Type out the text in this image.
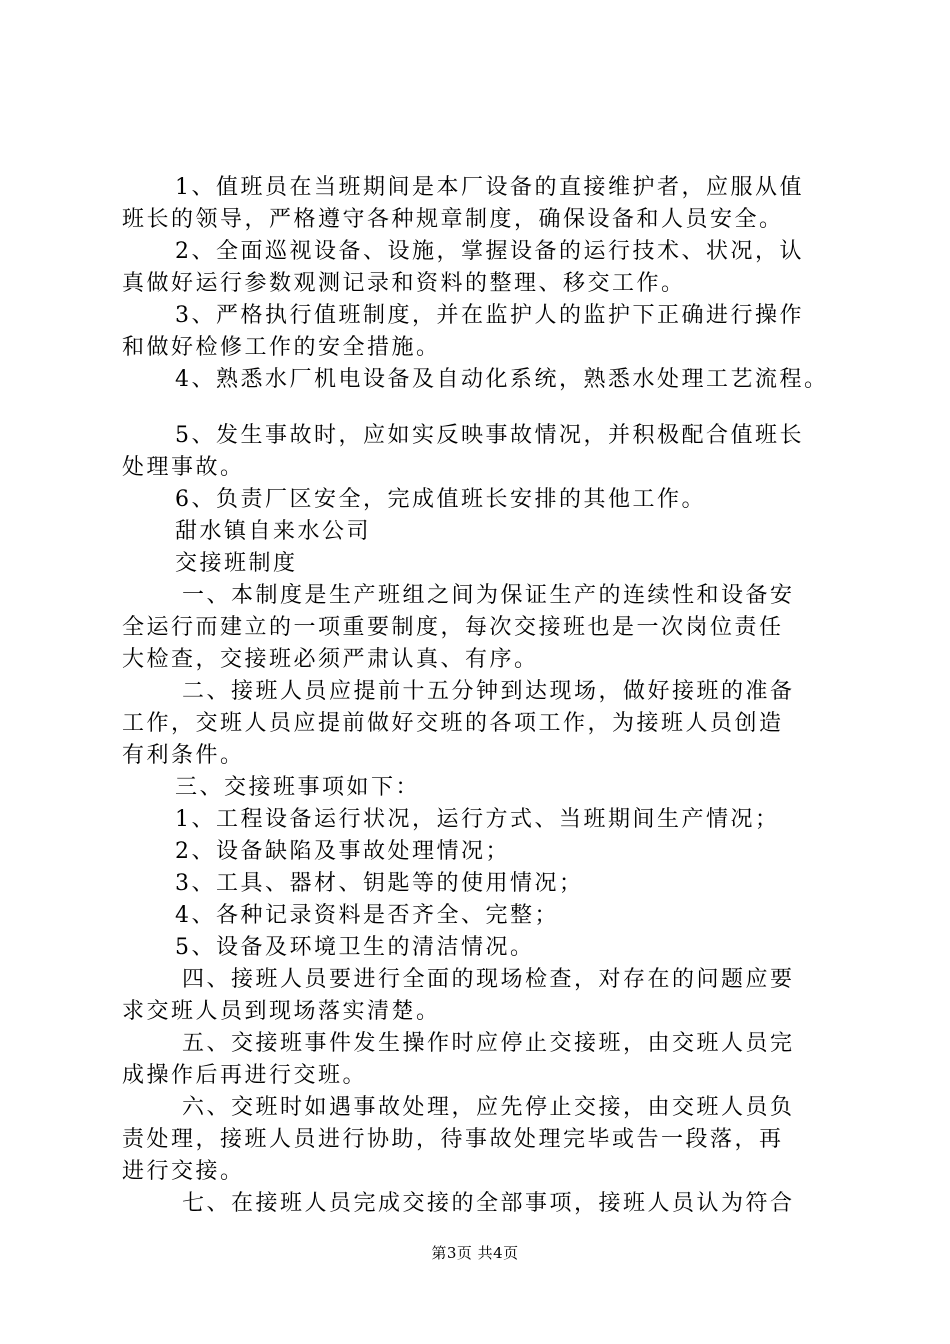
1、值班员在当班期间是本厂设备的直接维护者，应服从值
班长的领导，严格遵守各种规章制度，确保设备和人员安全。
2、全面巡视设备、设施，掌握设备的运行技术、状况，认
真做好运行参数观测记录和资料的整理、移交工作。
3、严格执行值班制度，并在监护人的监护下正确进行操作
和做好检修工作的安全措施。
4、熟悉水厂机电设备及自动化系统，熟悉水处理工艺流程。
5、发生事故时，应如实反映事故情况，并积极配合值班长
处理事故。
6、负责厂区安全，完成值班长安排的其他工作。
甜水镇自来水公司
交接班制度
一、本制度是生产班组之间为保证生产的连续性和设备安
全运行而建立的一项重要制度，每次交接班也是一次岗位责任
大检查，交接班必须严肃认真、有序。
二、接班人员应提前十五分钟到达现场，做好接班的准备
工作，交班人员应提前做好交班的各项工作，为接班人员创造
有利条件。
三、交接班事项如下：
1、工程设备运行状况，运行方式、当班期间生产情况；
2、设备缺陷及事故处理情况；
3、工具、器材、钥匙等的使用情况；
4、各种记录资料是否齐全、完整；
5、设备及环境卫生的清洁情况。
四、接班人员要进行全面的现场检查，对存在的问题应要
求交班人员到现场落实清楚。
五、交接班事件发生操作时应停止交接班，由交班人员完
成操作后再进行交班。
六、交班时如遇事故处理，应先停止交接，由交班人员负
责处理，接班人员进行协助，待事故处理完毕或告一段落，再
进行交接。
七、在接班人员完成交接的全部事项，接班人员认为符合
第3页 共4页
